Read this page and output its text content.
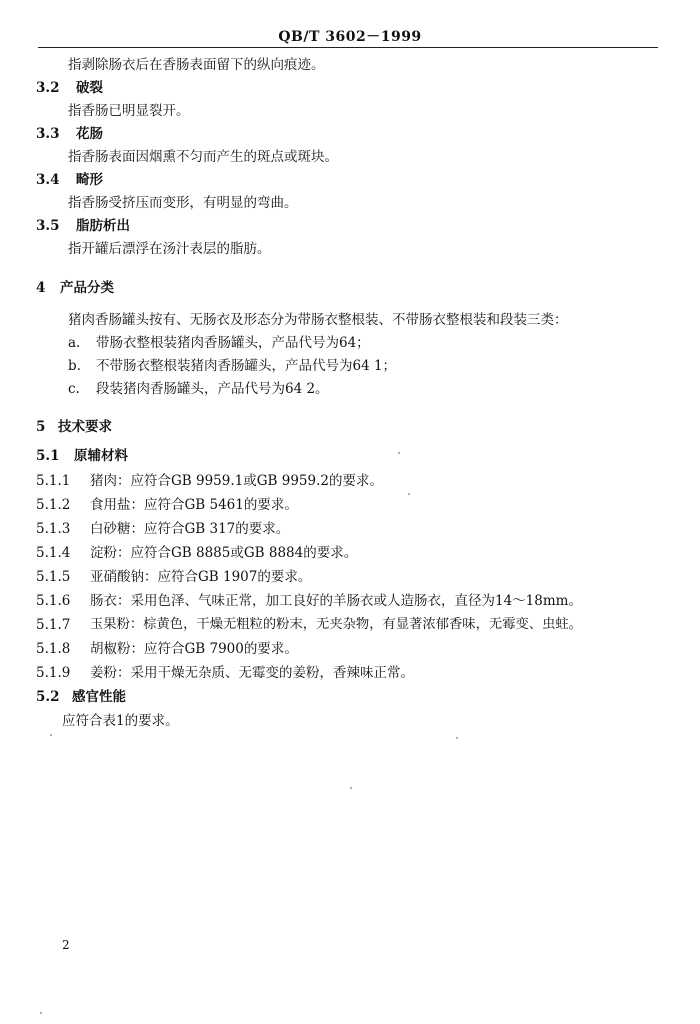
QB/T 3602－1999
指剥除肠衣后在香肠表面留下的纵向痕迹。
3.2 破裂
指香肠已明显裂开。
3.3 花肠
指香肠表面因烟熏不匀而产生的斑点或斑块。
3.4 畸形
指香肠受挤压而变形，有明显的弯曲。
3.5 脂肪析出
指开罐后漂浮在汤汁表层的脂肪。
4 产品分类
猪肉香肠罐头按有、无肠衣及形态分为带肠衣整根装、不带肠衣整根装和段装三类：
a. 带肠衣整根装猪肉香肠罐头，产品代号为64；
b. 不带肠衣整根装猪肉香肠罐头，产品代号为64 1；
c. 段装猪肉香肠罐头，产品代号为64 2。
5 技术要求
5.1 原辅材料
5.1.1 猪肉：应符合GB 9959.1或GB 9959.2的要求。
5.1.2 食用盐：应符合GB 5461的要求。
5.1.3 白砂糖：应符合GB 317的要求。
5.1.4 淀粉：应符合GB 8885或GB 8884的要求。
5.1.5 亚硝酸钠：应符合GB 1907的要求。
5.1.6 肠衣：采用色泽、气味正常，加工良好的羊肠衣或人造肠衣，直径为14～18mm。
5.1.7 玉果粉：棕黄色，干燥无粗粒的粉末，无夹杂物，有显著浓郁香味，无霉变、虫蛀。
5.1.8 胡椒粉：应符合GB 7900的要求。
5.1.9 姜粉：采用干燥无杂质、无霉变的姜粉，香辣味正常。
5.2 感官性能
应符合表1的要求。
2
